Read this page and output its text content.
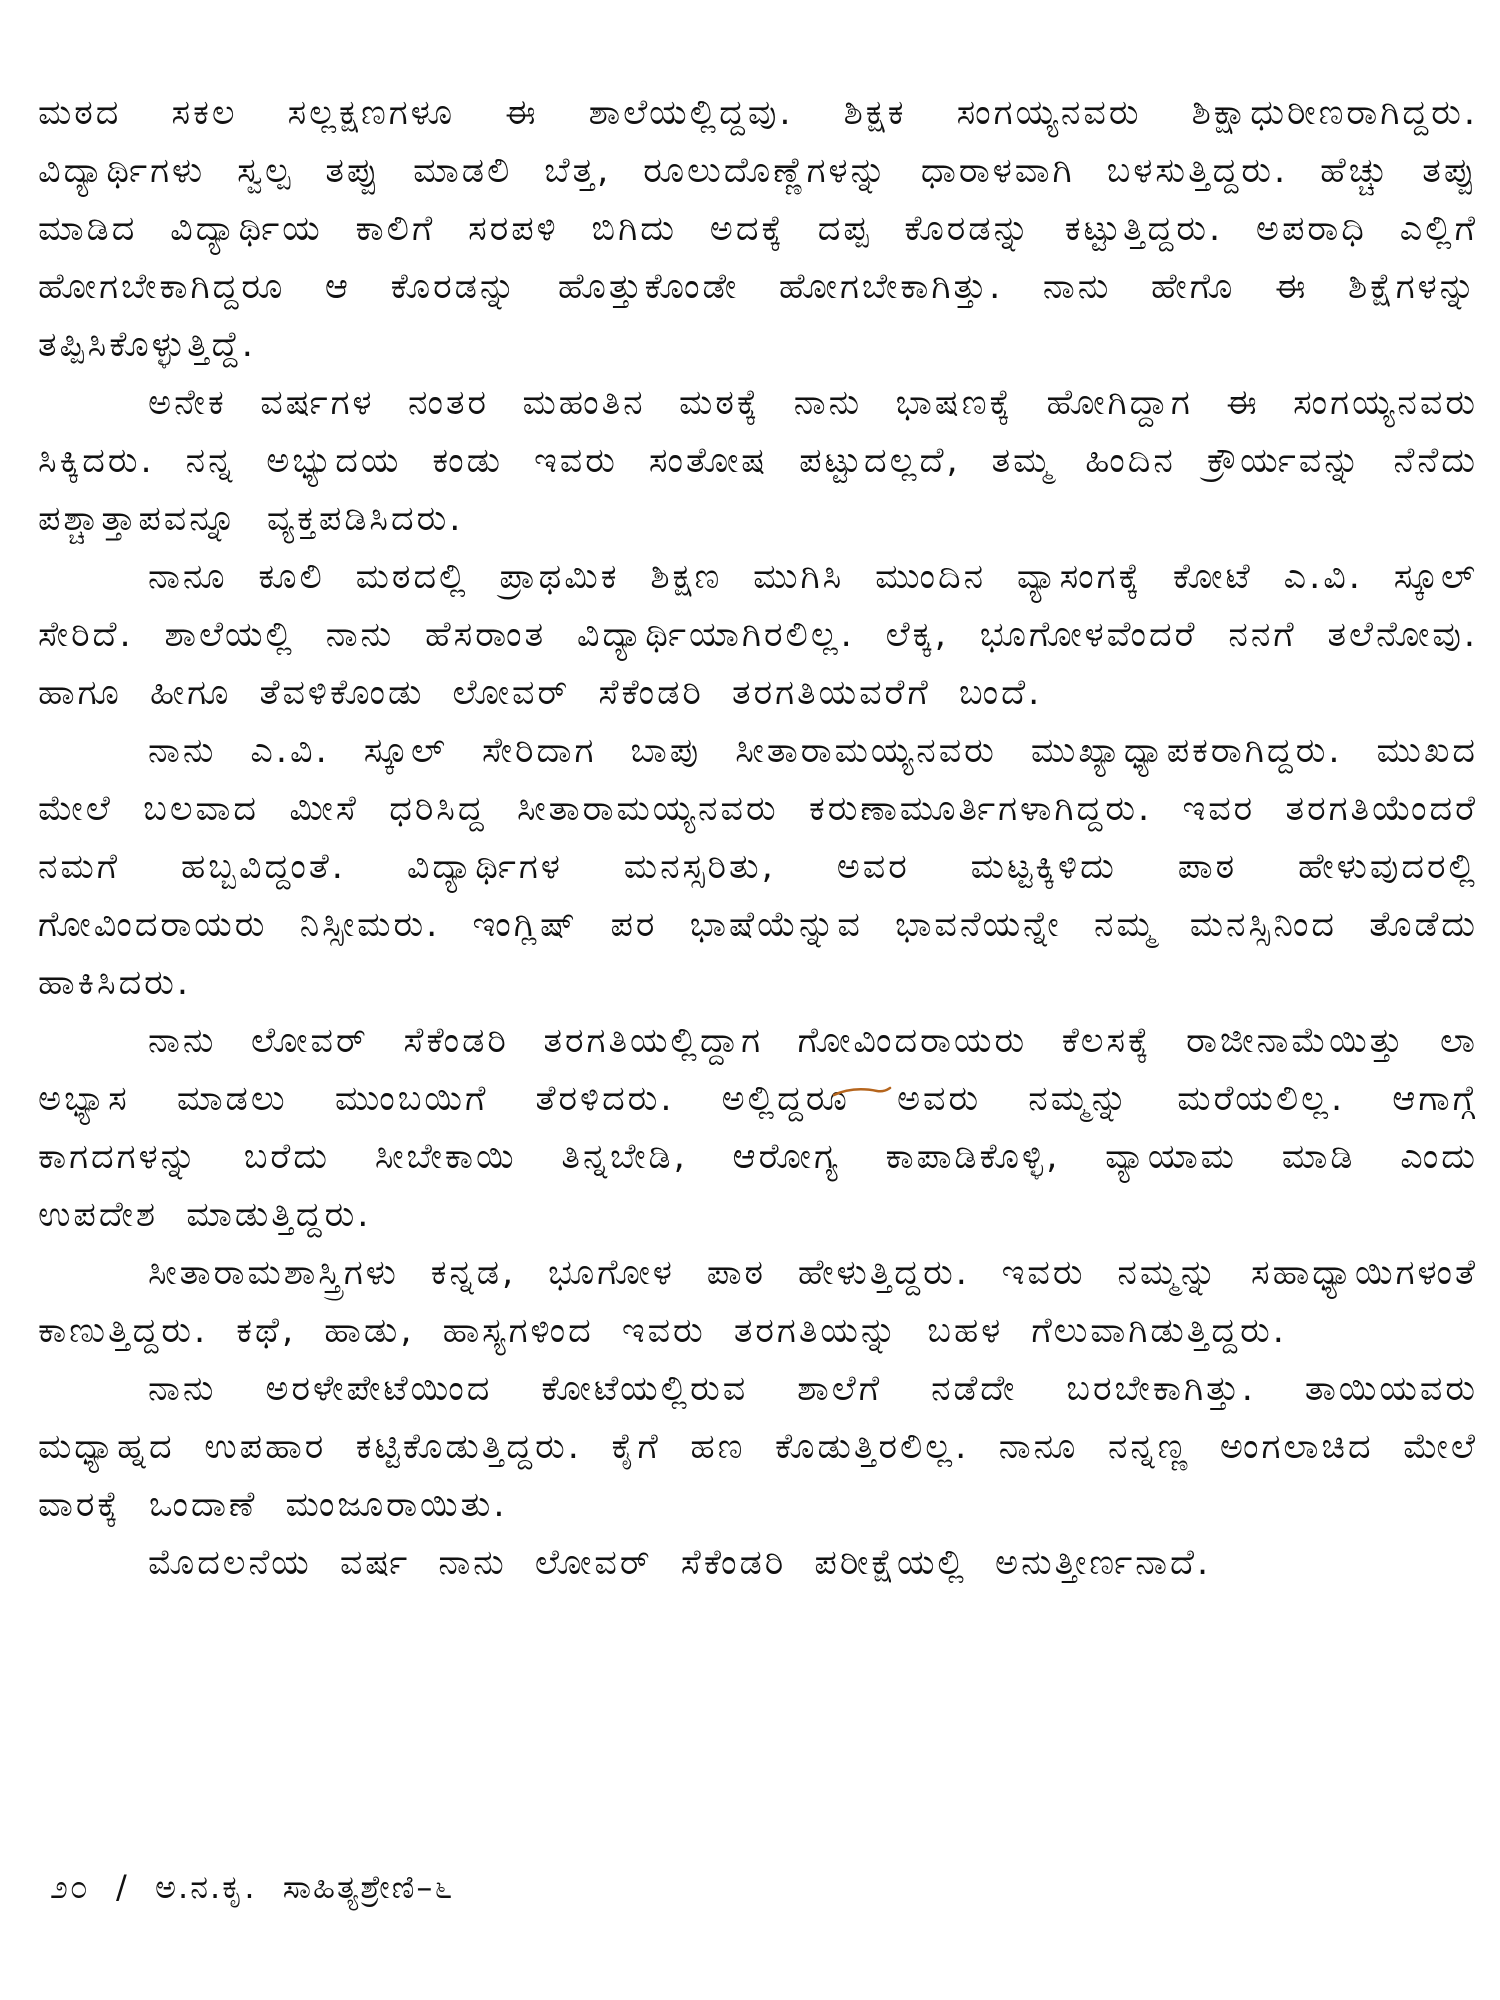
ಮಠದ ಸಕಲ ಸಲ್ಲಕ್ಷಣಗಳೂ ಈ ಶಾಲೆಯಲ್ಲಿದ್ದವು. ಶಿಕ್ಷಕ ಸಂಗಯ್ಯನವರು ಶಿಕ್ಷಾಧುರೀಣರಾಗಿದ್ದರು. ವಿದ್ಯಾರ್ಥಿಗಳು ಸ್ವಲ್ಪ ತಪ್ಪು ಮಾಡಲಿ ಬೆತ್ತ, ರೂಲುದೊಣ್ಣೆಗಳನ್ನು ಧಾರಾಳವಾಗಿ ಬಳಸುತ್ತಿದ್ದರು. ಹೆಚ್ಚು ತಪ್ಪು ಮಾಡಿದ ವಿದ್ಯಾರ್ಥಿಯ ಕಾಲಿಗೆ ಸರಪಳಿ ಬಿಗಿದು ಅದಕ್ಕೆ ದಪ್ಪ ಕೊರಡನ್ನು ಕಟ್ಟುತ್ತಿದ್ದರು. ಅಪರಾಧಿ ಎಲ್ಲಿಗೆ ಹೋಗಬೇಕಾಗಿದ್ದರೂ ಆ ಕೊರಡನ್ನು ಹೊತ್ತುಕೊಂಡೇ ಹೋಗಬೇಕಾಗಿತ್ತು. ನಾನು ಹೇಗೊ ಈ ಶಿಕ್ಷೆಗಳನ್ನು ತಪ್ಪಿಸಿಕೊಳ್ಳುತ್ತಿದ್ದೆ.

ಅನೇಕ ವರ್ಷಗಳ ನಂತರ ಮಹಂತಿನ ಮಠಕ್ಕೆ ನಾನು ಭಾಷಣಕ್ಕೆ ಹೋಗಿದ್ದಾಗ ಈ ಸಂಗಯ್ಯನವರು ಸಿಕ್ಕಿದರು. ನನ್ನ ಅಭ್ಯುದಯ ಕಂಡು ಇವರು ಸಂತೋಷ ಪಟ್ಟುದಲ್ಲದೆ, ತಮ್ಮ ಹಿಂದಿನ ಕ್ರೌರ್ಯವನ್ನು ನೆನೆದು ಪಶ್ಚಾತ್ತಾಪವನ್ನೂ ವ್ಯಕ್ತಪಡಿಸಿದರು.

ನಾನೂ ಕೂಲಿ ಮಠದಲ್ಲಿ ಪ್ರಾಥಮಿಕ ಶಿಕ್ಷಣ ಮುಗಿಸಿ ಮುಂದಿನ ವ್ಯಾಸಂಗಕ್ಕೆ ಕೋಟೆ ಎ.ವಿ. ಸ್ಕೂಲ್ ಸೇರಿದೆ. ಶಾಲೆಯಲ್ಲಿ ನಾನು ಹೆಸರಾಂತ ವಿದ್ಯಾರ್ಥಿಯಾಗಿರಲಿಲ್ಲ. ಲೆಕ್ಕ, ಭೂಗೋಳವೆಂದರೆ ನನಗೆ ತಲೆನೋವು. ಹಾಗೂ ಹೀಗೂ ತೆವಳಿಕೊಂಡು ಲೋವರ್ ಸೆಕೆಂಡರಿ ತರಗತಿಯವರೆಗೆ ಬಂದೆ.

ನಾನು ಎ.ವಿ. ಸ್ಕೂಲ್ ಸೇರಿದಾಗ ಬಾಪು ಸೀತಾರಾಮಯ್ಯನವರು ಮುಖ್ಯಾಧ್ಯಾಪಕರಾಗಿದ್ದರು. ಮುಖದ ಮೇಲೆ ಬಲವಾದ ಮೀಸೆ ಧರಿಸಿದ್ದ ಸೀತಾರಾಮಯ್ಯನವರು ಕರುಣಾಮೂರ್ತಿಗಳಾಗಿದ್ದರು. ಇವರ ತರಗತಿಯೆಂದರೆ ನಮಗೆ ಹಬ್ಬವಿದ್ದಂತೆ. ವಿದ್ಯಾರ್ಥಿಗಳ ಮನಸ್ಸರಿತು, ಅವರ ಮಟ್ಟಕ್ಕಿಳಿದು ಪಾಠ ಹೇಳುವುದರಲ್ಲಿ ಗೋವಿಂದರಾಯರು ನಿಸ್ಸೀಮರು. ಇಂಗ್ಲಿಷ್ ಪರ ಭಾಷೆಯೆನ್ನುವ ಭಾವನೆಯನ್ನೇ ನಮ್ಮ ಮನಸ್ಸಿನಿಂದ ತೊಡೆದು ಹಾಕಿಸಿದರು.

ನಾನು ಲೋವರ್ ಸೆಕೆಂಡರಿ ತರಗತಿಯಲ್ಲಿದ್ದಾಗ ಗೋವಿಂದರಾಯರು ಕೆಲಸಕ್ಕೆ ರಾಜೀನಾಮೆಯಿತ್ತು ಲಾ ಅಭ್ಯಾಸ ಮಾಡಲು ಮುಂಬಯಿಗೆ ತೆರಳಿದರು. ಅಲ್ಲಿದ್ದರೂ ಅವರು ನಮ್ಮನ್ನು ಮರೆಯಲಿಲ್ಲ. ಆಗಾಗ್ಗೆ ಕಾಗದಗಳನ್ನು ಬರೆದು ಸೀಬೇಕಾಯಿ ತಿನ್ನಬೇಡಿ, ಆರೋಗ್ಯ ಕಾಪಾಡಿಕೊಳ್ಳಿ, ವ್ಯಾಯಾಮ ಮಾಡಿ ಎಂದು ಉಪದೇಶ ಮಾಡುತ್ತಿದ್ದರು.

ಸೀತಾರಾಮಶಾಸ್ತ್ರಿಗಳು ಕನ್ನಡ, ಭೂಗೋಳ ಪಾಠ ಹೇಳುತ್ತಿದ್ದರು. ಇವರು ನಮ್ಮನ್ನು ಸಹಾಧ್ಯಾಯಿಗಳಂತೆ ಕಾಣುತ್ತಿದ್ದರು. ಕಥೆ, ಹಾಡು, ಹಾಸ್ಯಗಳಿಂದ ಇವರು ತರಗತಿಯನ್ನು ಬಹಳ ಗೆಲುವಾಗಿಡುತ್ತಿದ್ದರು.

ನಾನು ಅರಳೇಪೇಟೆಯಿಂದ ಕೋಟೆಯಲ್ಲಿರುವ ಶಾಲೆಗೆ ನಡೆದೇ ಬರಬೇಕಾಗಿತ್ತು. ತಾಯಿಯವರು ಮಧ್ಯಾಹ್ನದ ಉಪಹಾರ ಕಟ್ಟಿಕೊಡುತ್ತಿದ್ದರು. ಕೈಗೆ ಹಣ ಕೊಡುತ್ತಿರಲಿಲ್ಲ. ನಾನೂ ನನ್ನಣ್ಣ ಅಂಗಲಾಚಿದ ಮೇಲೆ ವಾರಕ್ಕೆ ಒಂದಾಣೆ ಮಂಜೂರಾಯಿತು.

ಮೊದಲನೆಯ ವರ್ಷ ನಾನು ಲೋವರ್ ಸೆಕೆಂಡರಿ ಪರೀಕ್ಷೆಯಲ್ಲಿ ಅನುತ್ತೀರ್ಣನಾದೆ.

೨೦ / ಅ.ನ.ಕೃ. ಸಾಹಿತ್ಯಶ್ರೇಣಿ–೬
